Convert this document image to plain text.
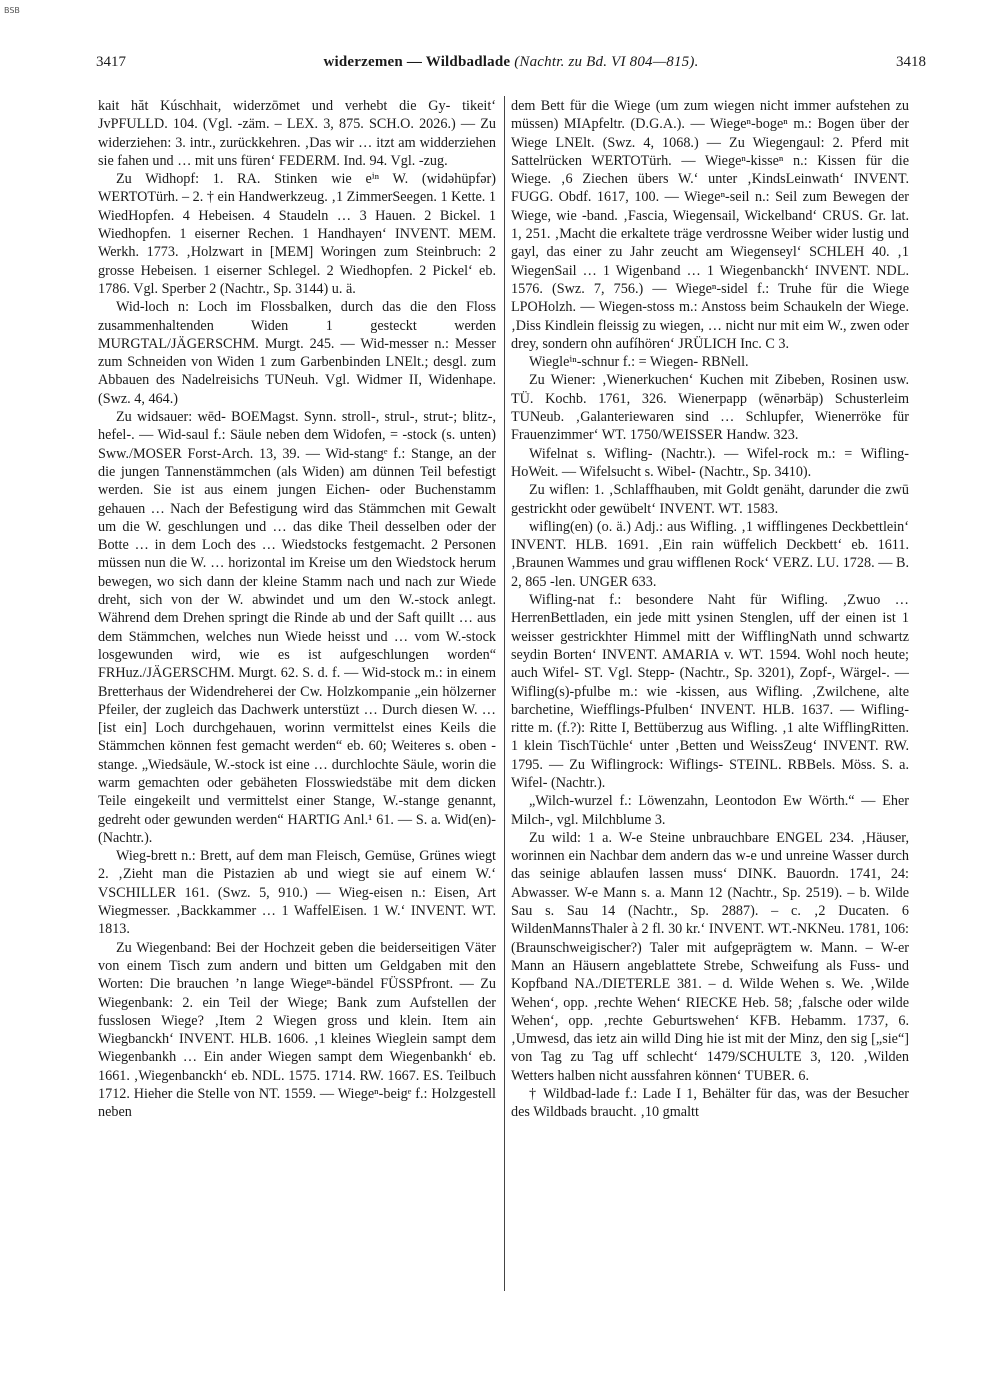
BSB
3417	widerzemen — Wildbadlade (Nachtr. zu Bd. VI 804—815).	3418

kait hăt Kúschhait, widerzōmet und verhebt die Gy- tikeit‘ JvPFULLD. 104. (Vgl. -zäm. – LEX. 3, 875. SCH.O. 2026.) — Zu widerziehen: 3. intr., zurückkehren. ‚Das wir … itzt am widderziehen sie fahen und … mit uns füren‘ FEDERM. Ind. 94. Vgl. -zug.

Zu Widhopf: 1. RA. Stinken wie eⁱⁿ W. (widəhüpfər) WERTOTürh. – 2. † ein Handwerkzeug. ‚1 ZimmerSeegen. 1 Kette. 1 WiedHopfen. 4 Hebeisen. 4 Staudeln … 3 Hauen. 2 Bickel. 1 Wiedhopfen. 1 eiserner Rechen. 1 Handhayen‘ INVENT. MEM. Werkh. 1773. ‚Holzwart in [MEM] Woringen zum Steinbruch: 2 grosse Hebeisen. 1 eiserner Schlegel. 2 Wiedhopfen. 2 Pickel‘ eb. 1786. Vgl. Sperber 2 (Nachtr., Sp. 3144) u. ä.

Wid-loch n: Loch im Flossbalken, durch das die den Floss zusammenhaltenden Widen 1 gesteckt werden MURGTAL/JÄGERSCHM. Murgt. 245. — Wid-messer n.: Messer zum Schneiden von Widen 1 zum Garbenbinden LNElt.; desgl. zum Abbauen des Nadelreisichs TUNeuh. Vgl. Widmer II, Widenhape. (Swz. 4, 464.)

Zu widsauer: wēd- BOEMagst. Synn. stroll-, strul-, strut-; blitz-, hefel-. — Wid-saul f.: Säule neben dem Widofen, = -stock (s. unten) Sww./MOSER Forst-Arch. 13, 39. — Wid-stangᵉ f.: Stange, an der die jungen Tannenstämmchen (als Widen) am dünnen Teil befestigt werden. Sie ist aus einem jungen Eichen- oder Buchenstamm gehauen … Nach der Befestigung wird das Stämmchen mit Gewalt um die W. geschlungen und … das dike Theil desselben oder der Botte … in dem Loch des … Wiedstocks festgemacht. 2 Personen müssen nun die W. … horizontal im Kreise um den Wiedstock herum bewegen, wo sich dann der kleine Stamm nach und nach zur Wiede dreht, sich von der W. abwindet und um den W.-stock anlegt. Während dem Drehen springt die Rinde ab und der Saft quillt … aus dem Stämmchen, welches nun Wiede heisst und … vom W.-stock losgewunden wird, wie es ist aufgeschlungen worden“ FRHuz./JÄGERSCHM. Murgt. 62. S. d. f. — Wid-stock m.: in einem Bretterhaus der Widendreherei der Cw. Holzkompanie „ein hölzerner Pfeiler, der zugleich das Dachwerk unterstüzt … Durch diesen W. … [ist ein] Loch durchgehauen, worinn vermittelst eines Keils die Stämmchen können fest gemacht werden“ eb. 60; Weiteres s. oben -stange. „Wiedsäule, W.-stock ist eine … durchlochte Säule, worin die warm gemachten oder gebäheten Flosswiedstäbe mit dem dicken Teile eingekeilt und vermittelst einer Stange, W.-stange genannt, gedreht oder gewunden werden“ HARTIG Anl.¹ 61. — S. a. Wid(en)- (Nachtr.).

Wieg-brett n.: Brett, auf dem man Fleisch, Gemüse, Grünes wiegt 2. ‚Zieht man die Pistazien ab und wiegt sie auf einem W.‘ VSCHILLER 161. (Swz. 5, 910.) — Wieg-eisen n.: Eisen, Art Wiegmesser. ‚Backkammer … 1 WaffelEisen. 1 W.‘ INVENT. WT. 1813.

Zu Wiegenband: Bei der Hochzeit geben die beiderseitigen Väter von einem Tisch zum andern und bitten um Geldgaben mit den Worten: Die brauchen ’n lange Wiegeⁿ-bändel FÜSSPfront. — Zu Wiegenbank: 2. ein Teil der Wiege; Bank zum Aufstellen der fusslosen Wiege? ‚Item 2 Wiegen gross und klein. Item ain Wiegbanckh‘ INVENT. HLB. 1606. ‚1 kleines Wieglein sampt dem Wiegenbankh … Ein ander Wiegen sampt dem Wiegenbankh‘ eb. 1661. ‚Wiegenbanckh‘ eb. NDL. 1575. 1714. RW. 1667. ES. Teilbuch 1712. Hieher die Stelle von NT. 1559. — Wiegeⁿ-beigᵉ f.: Holzgestell neben

dem Bett für die Wiege (um zum wiegen nicht immer aufstehen zu müssen) MIApfeltr. (D.G.A.). — Wiegeⁿ-bogeⁿ m.: Bogen über der Wiege LNElt. (Swz. 4, 1068.) — Zu Wiegengaul: 2. Pferd mit Sattelrücken WERTOTürh. — Wiegeⁿ-kisseⁿ n.: Kissen für die Wiege. ‚6 Ziechen übers W.‘ unter ‚KindsLeinwath‘ INVENT. FUGG. Obdf. 1617, 100. — Wiegeⁿ-seil n.: Seil zum Bewegen der Wiege, wie -band. ‚Fascia, Wiegensail, Wickelband‘ CRUS. Gr. lat. 1, 251. ‚Macht die erkaltete träge verdrossne Weiber wider lustig und gayl, das einer zu Jahr zeucht am Wiegenseyl‘ SCHLEH 40. ‚1 WiegenSail … 1 Wigenband … 1 Wiegenbanckh‘ INVENT. NDL. 1576. (Swz. 7, 756.) — Wiegeⁿ-sidel f.: Truhe für die Wiege LPOHolzh. — Wiegen-stoss m.: Anstoss beim Schaukeln der Wiege. ‚Diss Kindlein fleissig zu wiegen, … nicht nur mit eim W., zwen oder drey, sondern ohn aufíhören‘ JRÜLICH Inc. C 3.

Wiegleⁱⁿ-schnur f.: = Wiegen- RBNell.

Zu Wiener: ‚Wienerkuchen‘ Kuchen mit Zibeben, Rosinen usw. TÜ. Kochb. 1761, 326. Wienerpapp (wēnərbäp) Schusterleim TUNeub. ‚Galanteriewaren sind … Schlupfer, Wienerröke für Frauenzimmer‘ WT. 1750/WEISSER Handw. 323.

Wifelnat s. Wifling- (Nachtr.). — Wifel-rock m.: = Wifling- HoWeit. — Wifelsucht s. Wibel- (Nachtr., Sp. 3410).

Zu wiflen: 1. ‚Schlaffhauben, mit Goldt genäht, darunder die zwū gestrickht oder gewübelt‘ INVENT. WT. 1583.

wifling(en) (o. ä.) Adj.: aus Wifling. ‚1 wifflingenes Deckbettlein‘ INVENT. HLB. 1691. ‚Ein rain wüffelich Deckbett‘ eb. 1611. ‚Braunen Wammes und grau wifflenen Rock‘ VERZ. LU. 1728. — B. 2, 865 -len. UNGER 633.

Wifling-nat f.: besondere Naht für Wifling. ‚Zwuo … HerrenBettladen, ein jede mitt ysinen Stenglen, uff der einen ist 1 weisser gestrickhter Himmel mitt der WifflingNath unnd schwartz seydin Borten‘ INVENT. AMARIA v. WT. 1594. Wohl noch heute; auch Wifel- ST. Vgl. Stepp- (Nachtr., Sp. 3201), Zopf-, Wärgel-. — Wifling(s)-pfulbe m.: wie -kissen, aus Wifling. ‚Zwilchene, alte barchetine, Wiefflings-Pfulben‘ INVENT. HLB. 1637. — Wifling-ritte m. (f.?): Ritte I, Bettüberzug aus Wifling. ‚1 alte WifflingRitten. 1 klein TischTüchle‘ unter ‚Betten und WeissZeug‘ INVENT. RW. 1795. — Zu Wiflingrock: Wiflings- STEINL. RBBels. Möss. S. a. Wifel- (Nachtr.).

„Wilch-wurzel f.: Löwenzahn, Leontodon Ew Wörth.“ — Eher Milch-, vgl. Milchblume 3.

Zu wild: 1 a. W-e Steine unbrauchbare ENGEL 234. ‚Häuser, worinnen ein Nachbar dem andern das w-e und unreine Wasser durch das seinige ablaufen lassen muss‘ DINK. Bauordn. 1741, 24: Abwasser. W-e Mann s. a. Mann 12 (Nachtr., Sp. 2519). – b. Wilde Sau s. Sau 14 (Nachtr., Sp. 2887). – c. ‚2 Ducaten. 6 WildenMannsThaler à 2 fl. 30 kr.‘ INVENT. WT.-NKNeu. 1781, 106: (Braunschweigischer?) Taler mit aufgeprägtem w. Mann. – W-er Mann an Häusern angeblattete Strebe, Schweifung als Fuss- und Kopfband NA./DIETERLE 381. – d. Wilde Wehen s. We. ‚Wilde Wehen‘, opp. ‚rechte Wehen‘ RIECKE Heb. 58; ‚falsche oder wilde Wehen‘, opp. ‚rechte Geburtswehen‘ KFB. Hebamm. 1737, 6. ‚Umwesd, das ietz ain willd Ding hie ist mit der Minz, den sig [„sie“] von Tag zu Tag uff schlecht‘ 1479/SCHULTE 3, 120. ‚Wilden Wetters halben nicht aussfahren könnenʻ TUBER. 6.

† Wildbad-lade f.: Lade I 1, Behälter für das, was der Besucher des Wildbads braucht. ‚10 gmaltt
